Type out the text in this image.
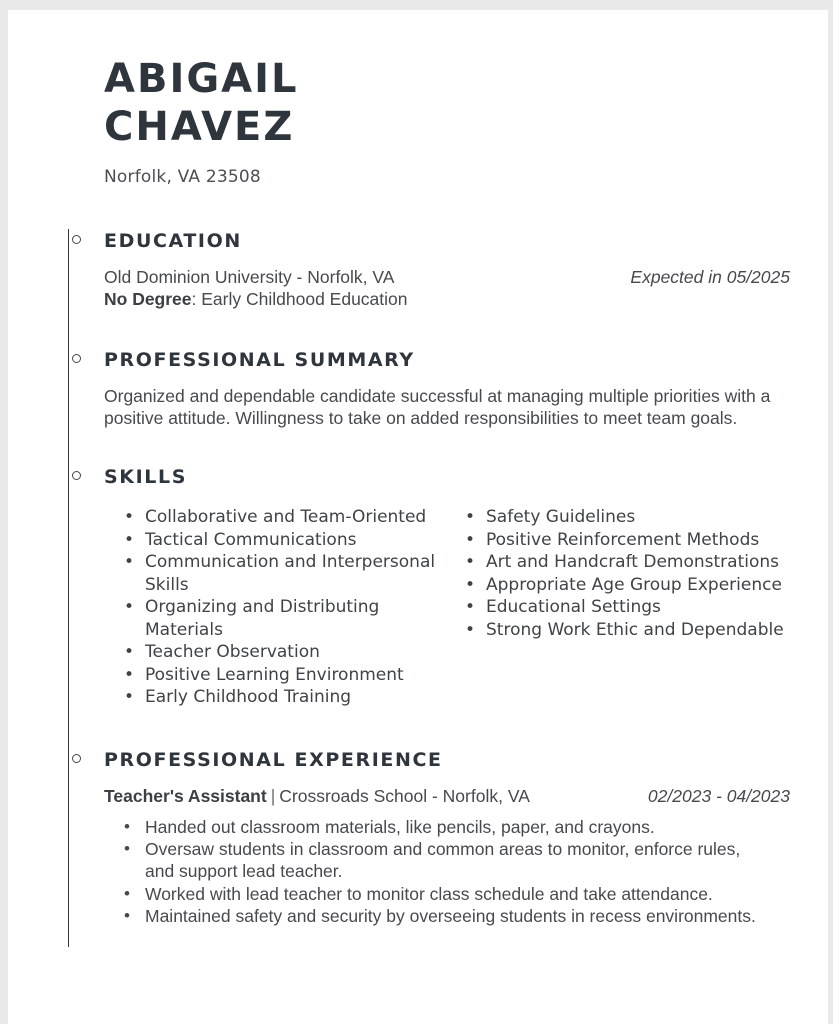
ABIGAIL
CHAVEZ
Norfolk, VA 23508
EDUCATION
Old Dominion University - Norfolk, VA	Expected in 05/2025
No Degree: Early Childhood Education
PROFESSIONAL SUMMARY

Organized and dependable candidate successful at managing multiple priorities with a positive attitude. Willingness to take on added responsibilities to meet team goals.

SKILLS
• Collaborative and Team-Oriented
• Tactical Communications
• Communication and Interpersonal Skills
• Organizing and Distributing Materials
• Teacher Observation
• Positive Learning Environment
• Early Childhood Training
• Safety Guidelines
• Positive Reinforcement Methods
• Art and Handcraft Demonstrations
• Appropriate Age Group Experience
• Educational Settings
• Strong Work Ethic and Dependable
PROFESSIONAL EXPERIENCE
Teacher's Assistant | Crossroads School - Norfolk, VA	02/2023 - 04/2023
• Handed out classroom materials, like pencils, paper, and crayons.
• Oversaw students in classroom and common areas to monitor, enforce rules, and support lead teacher.
• Worked with lead teacher to monitor class schedule and take attendance.
• Maintained safety and security by overseeing students in recess environments.
